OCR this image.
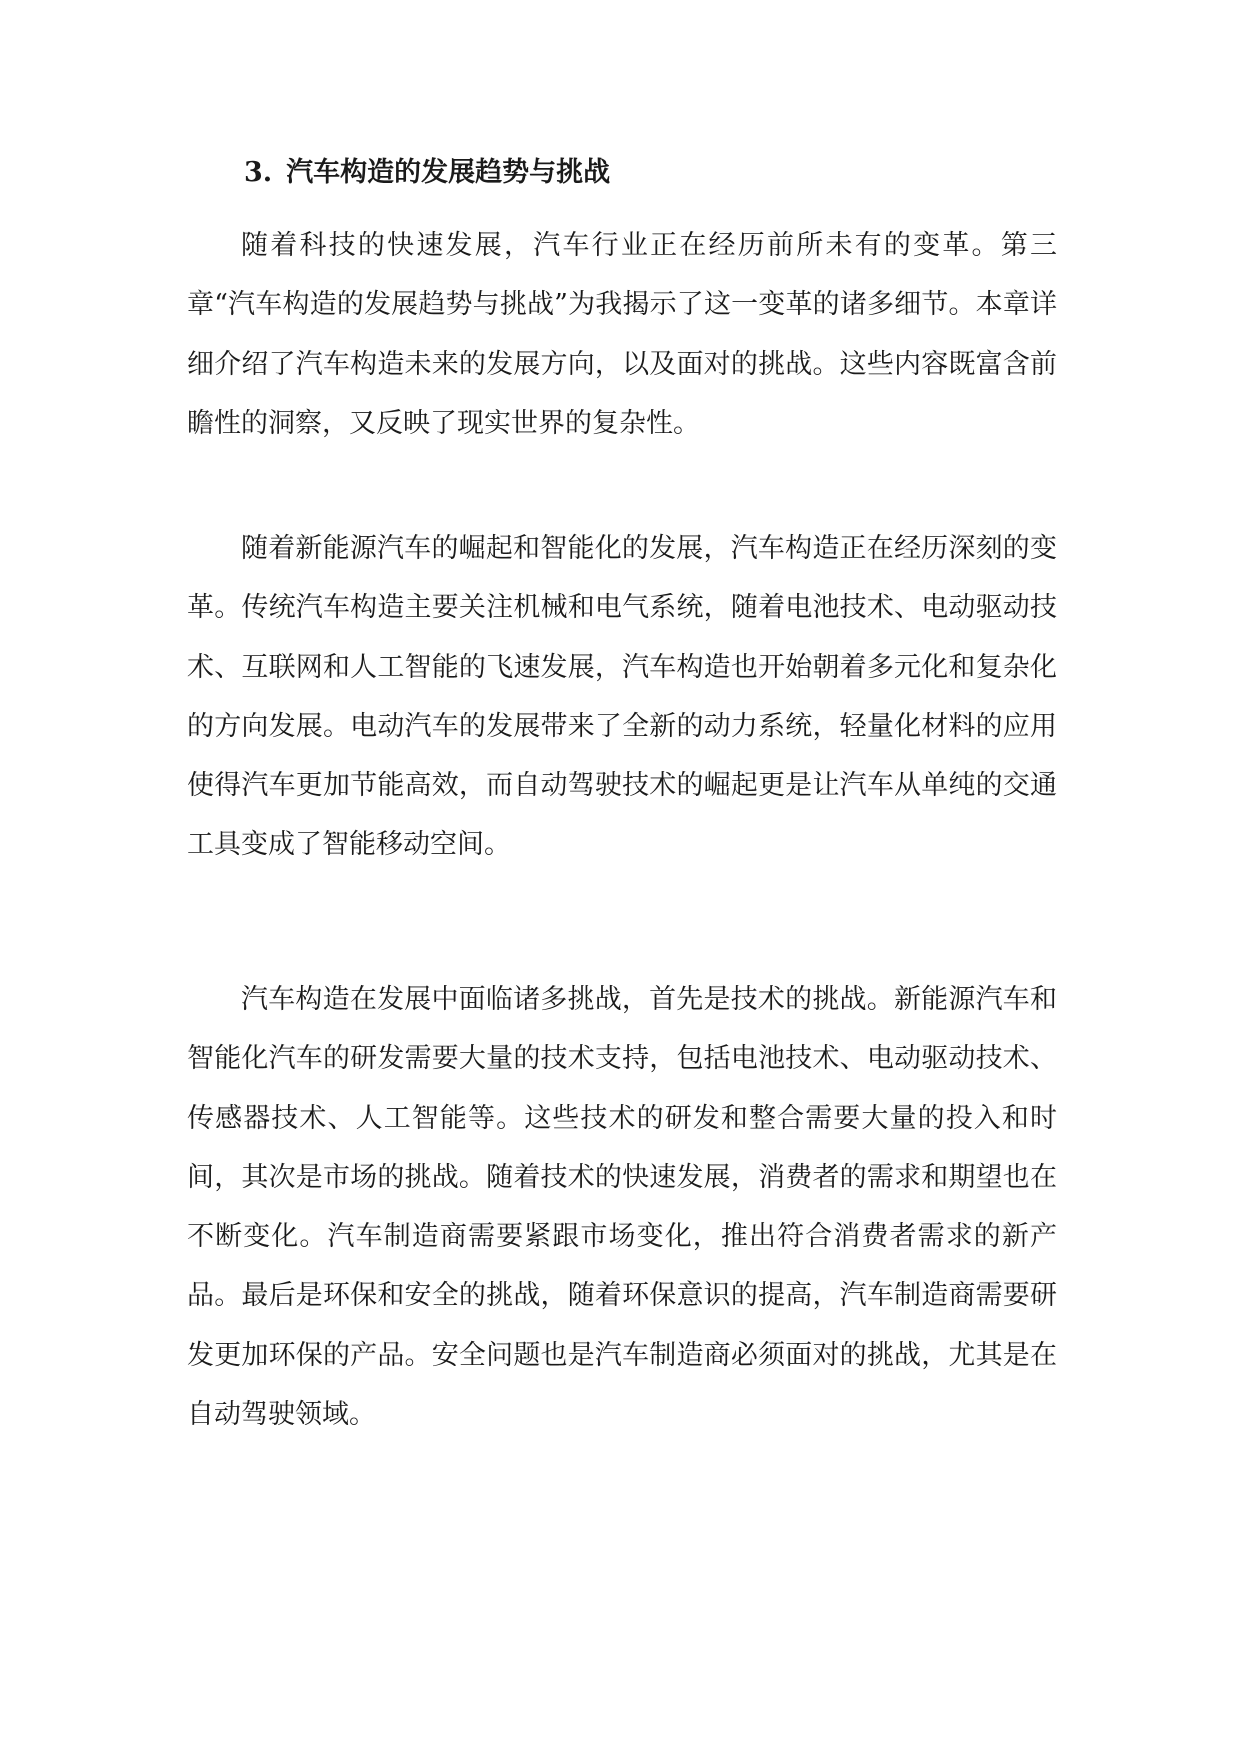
3. 汽车构造的发展趋势与挑战

随着科技的快速发展，汽车行业正在经历前所未有的变革。第三章“汽车构造的发展趋势与挑战”为我揭示了这一变革的诸多细节。本章详细介绍了汽车构造未来的发展方向，以及面对的挑战。这些内容既富含前瞻性的洞察，又反映了现实世界的复杂性。

随着新能源汽车的崛起和智能化的发展，汽车构造正在经历深刻的变革。传统汽车构造主要关注机械和电气系统，随着电池技术、电动驱动技术、互联网和人工智能的飞速发展，汽车构造也开始朝着多元化和复杂化的方向发展。电动汽车的发展带来了全新的动力系统，轻量化材料的应用使得汽车更加节能高效，而自动驾驶技术的崛起更是让汽车从单纯的交通工具变成了智能移动空间。

汽车构造在发展中面临诸多挑战，首先是技术的挑战。新能源汽车和智能化汽车的研发需要大量的技术支持，包括电池技术、电动驱动技术、传感器技术、人工智能等。这些技术的研发和整合需要大量的投入和时间，其次是市场的挑战。随着技术的快速发展，消费者的需求和期望也在不断变化。汽车制造商需要紧跟市场变化，推出符合消费者需求的新产品。最后是环保和安全的挑战，随着环保意识的提高，汽车制造商需要研发更加环保的产品。安全问题也是汽车制造商必须面对的挑战，尤其是在自动驾驶领域。
